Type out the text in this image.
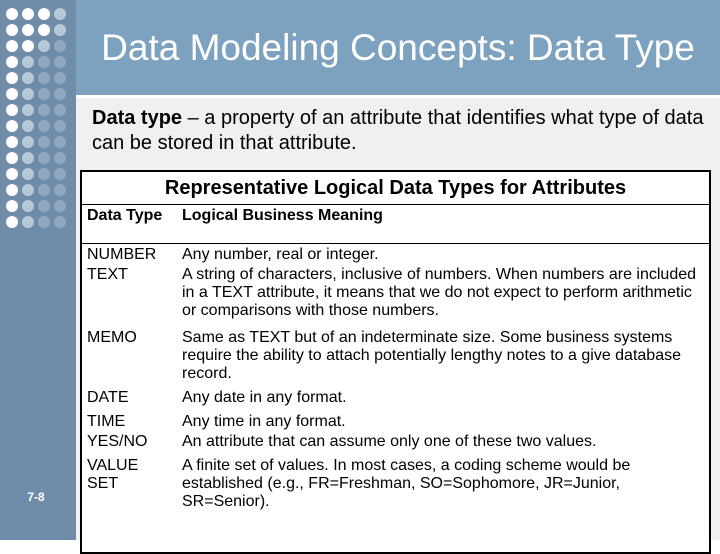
7-8
Data Modeling Concepts: Data Type
Data type – a property of an attribute that identifies what type of data can be stored in that attribute.
Representative Logical Data Types for Attributes
Data Type	Logical Business Meaning
NUMBER	Any number, real or integer.
TEXT	A string of characters, inclusive of numbers. When numbers are included in a TEXT attribute, it means that we do not expect to perform arithmetic or comparisons with those numbers.
MEMO	Same as TEXT but of an indeterminate size. Some business systems require the ability to attach potentially lengthy notes to a give database record.
DATE	Any date in any format.
TIME	Any time in any format.
YES/NO	An attribute that can assume only one of these two values.
VALUE SET	A finite set of values. In most cases, a coding scheme would be established (e.g., FR=Freshman, SO=Sophomore, JR=Junior, SR=Senior).
